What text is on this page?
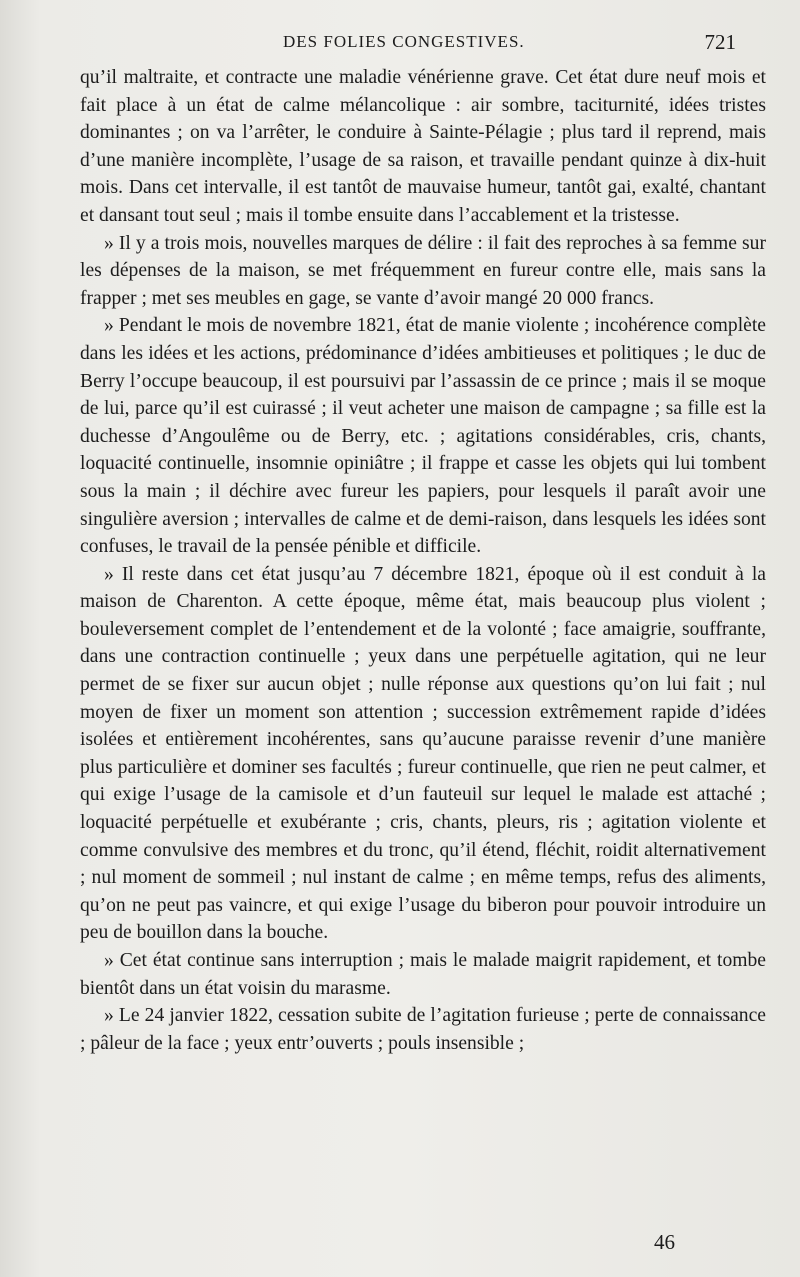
DES FOLIES CONGESTIVES.	721

qu’il maltraite, et contracte une maladie vénérienne grave. Cet état dure neuf mois et fait place à un état de calme mélancolique : air sombre, taciturnité, idées tristes dominantes ; on va l’arrêter, le conduire à Sainte-Pélagie ; plus tard il reprend, mais d’une manière incomplète, l’usage de sa raison, et travaille pendant quinze à dix-huit mois. Dans cet intervalle, il est tantôt de mauvaise humeur, tantôt gai, exalté, chantant et dansant tout seul ; mais il tombe ensuite dans l’accablement et la tristesse.

» Il y a trois mois, nouvelles marques de délire : il fait des reproches à sa femme sur les dépenses de la maison, se met fréquemment en fureur contre elle, mais sans la frapper ; met ses meubles en gage, se vante d’avoir mangé 20 000 francs.

» Pendant le mois de novembre 1821, état de manie violente ; incohérence complète dans les idées et les actions, prédominance d’idées ambitieuses et politiques ; le duc de Berry l’occupe beaucoup, il est poursuivi par l’assassin de ce prince ; mais il se moque de lui, parce qu’il est cuirassé ; il veut acheter une maison de campagne ; sa fille est la duchesse d’Angoulême ou de Berry, etc. ; agitations considérables, cris, chants, loquacité continuelle, insomnie opiniâtre ; il frappe et casse les objets qui lui tombent sous la main ; il déchire avec fureur les papiers, pour lesquels il paraît avoir une singulière aversion ; intervalles de calme et de demi-raison, dans lesquels les idées sont confuses, le travail de la pensée pénible et difficile.

» Il reste dans cet état jusqu’au 7 décembre 1821, époque où il est conduit à la maison de Charenton. A cette époque, même état, mais beaucoup plus violent ; bouleversement complet de l’entendement et de la volonté ; face amaigrie, souffrante, dans une contraction continuelle ; yeux dans une perpétuelle agitation, qui ne leur permet de se fixer sur aucun objet ; nulle réponse aux questions qu’on lui fait ; nul moyen de fixer un moment son attention ; succession extrêmement rapide d’idées isolées et entièrement incohérentes, sans qu’aucune paraisse revenir d’une manière plus particulière et dominer ses facultés ; fureur continuelle, que rien ne peut calmer, et qui exige l’usage de la camisole et d’un fauteuil sur lequel le malade est attaché ; loquacité perpétuelle et exubérante ; cris, chants, pleurs, ris ; agitation violente et comme convulsive des membres et du tronc, qu’il étend, fléchit, roidit alternativement ; nul moment de sommeil ; nul instant de calme ; en même temps, refus des aliments, qu’on ne peut pas vaincre, et qui exige l’usage du biberon pour pouvoir introduire un peu de bouillon dans la bouche.

» Cet état continue sans interruption ; mais le malade maigrit rapidement, et tombe bientôt dans un état voisin du marasme.

» Le 24 janvier 1822, cessation subite de l’agitation furieuse ; perte de connaissance ; pâleur de la face ; yeux entr’ouverts ; pouls insensible ;

46
